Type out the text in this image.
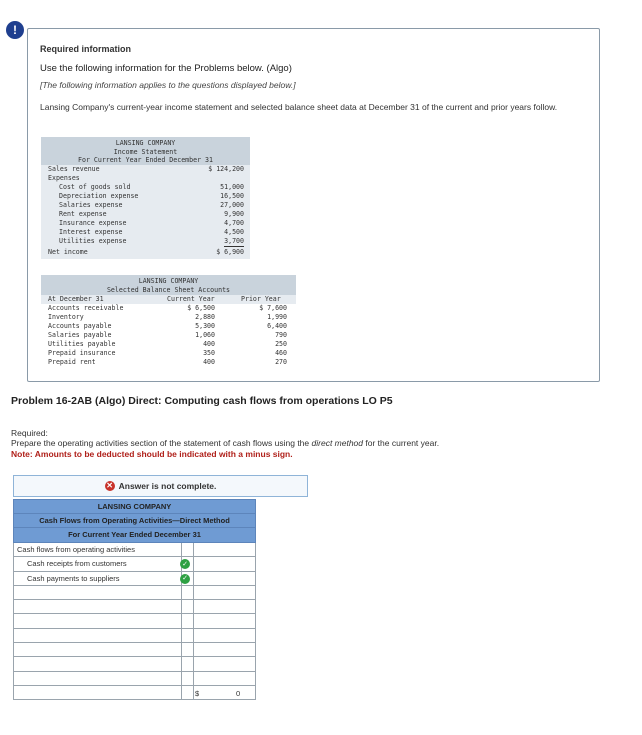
!
Required information
Use the following information for the Problems below. (Algo)
[The following information applies to the questions displayed below.]
Lansing Company's current-year income statement and selected balance sheet data at December 31 of the current and prior years follow.
LANSING COMPANY
Income Statement
For Current Year Ended December 31
Sales revenue	$ 124,200
Expenses
Cost of goods sold	51,000
Depreciation expense	16,500
Salaries expense	27,000
Rent expense	9,900
Insurance expense	4,700
Interest expense	4,500
Utilities expense	3,700
Net income	$ 6,900
LANSING COMPANY
Selected Balance Sheet Accounts
At December 31	Current Year	Prior Year
Accounts receivable	$ 6,500	$ 7,600
Inventory	2,880	1,990
Accounts payable	5,300	6,400
Salaries payable	1,060	790
Utilities payable	400	250
Prepaid insurance	350	460
Prepaid rent	400	270
Problem 16-2AB (Algo) Direct: Computing cash flows from operations LO P5
Required:
Prepare the operating activities section of the statement of cash flows using the direct method for the current year.
Note: Amounts to be deducted should be indicated with a minus sign.
✕ Answer is not complete.
LANSING COMPANY
Cash Flows from Operating Activities—Direct Method
For Current Year Ended December 31
Cash flows from operating activities
Cash receipts from customers	✓
Cash payments to suppliers	✓
$	0
